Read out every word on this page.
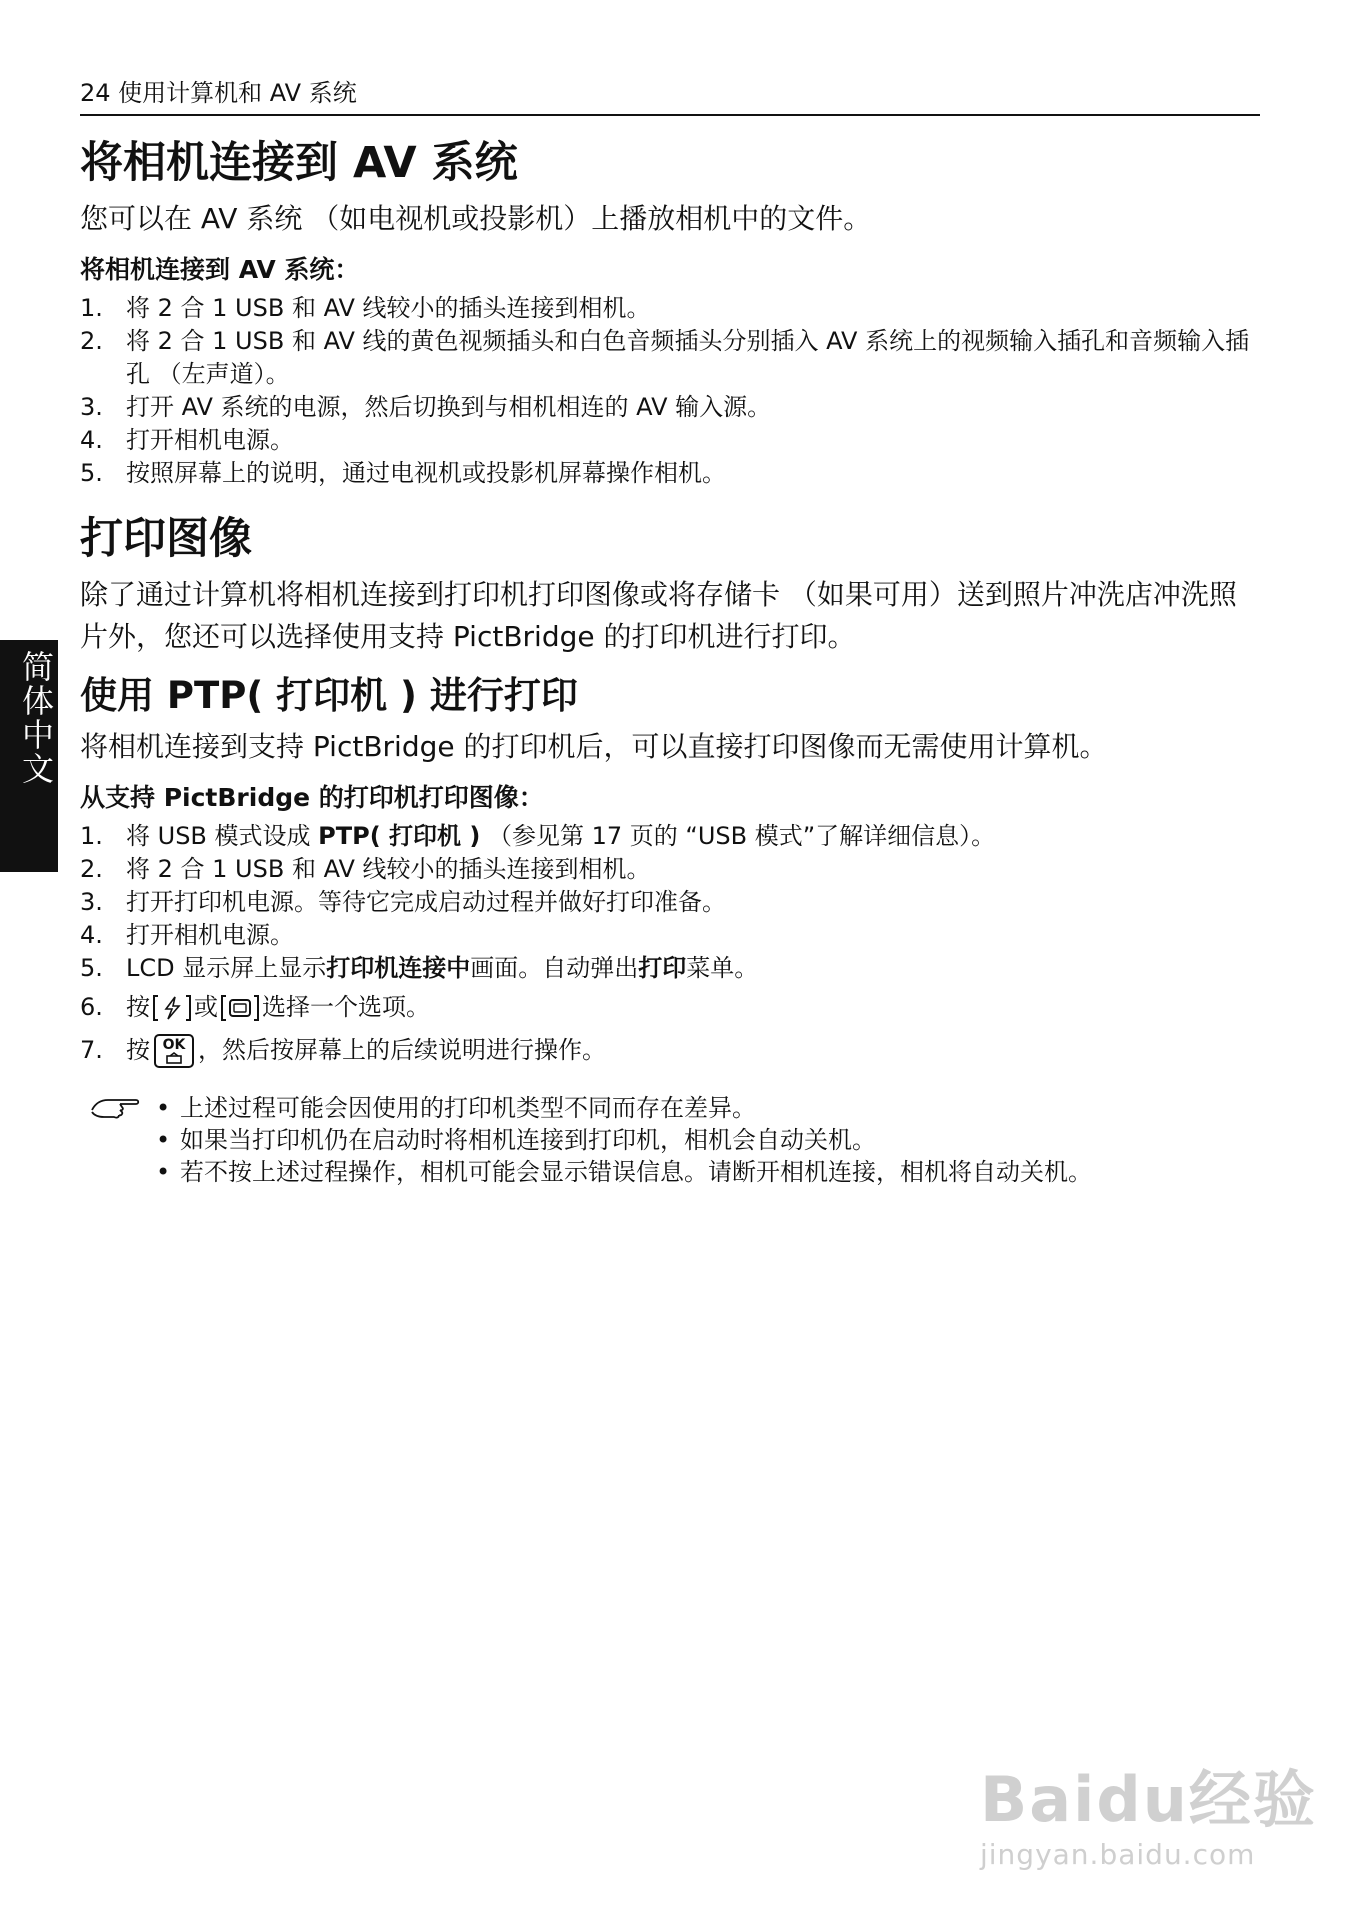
24 使用计算机和 AV 系统
简体中文
将相机连接到 AV 系统

您可以在 AV 系统 （如电视机或投影机）上播放相机中的文件。

将相机连接到 AV 系统：
1. 将 2 合 1 USB 和 AV 线较小的插头连接到相机。
2. 将 2 合 1 USB 和 AV 线的黄色视频插头和白色音频插头分别插入 AV 系统上的视频输入插孔和音频输入插孔 （左声道）。
3. 打开 AV 系统的电源，然后切换到与相机相连的 AV 输入源。
4. 打开相机电源。
5. 按照屏幕上的说明，通过电视机或投影机屏幕操作相机。
打印图像

除了通过计算机将相机连接到打印机打印图像或将存储卡 （如果可用）送到照片冲洗店冲洗照片外，您还可以选择使用支持 PictBridge 的打印机进行打印。

使用 PTP( 打印机 ) 进行打印

将相机连接到支持 PictBridge 的打印机后，可以直接打印图像而无需使用计算机。

从支持 PictBridge 的打印机打印图像：
1. 将 USB 模式设成 PTP( 打印机 ) （参见第 17 页的 “USB 模式”了解详细信息）。
2. 将 2 合 1 USB 和 AV 线较小的插头连接到相机。
3. 打开打印机电源。等待它完成启动过程并做好打印准备。
4. 打开相机电源。
5. LCD 显示屏上显示打印机连接中画面。自动弹出打印菜单。
6. 按 或 选择一个选项。
7. 按 OK ，然后按屏幕上的后续说明进行操作。
• 上述过程可能会因使用的打印机类型不同而存在差异。
• 如果当打印机仍在启动时将相机连接到打印机，相机会自动关机。
• 若不按上述过程操作，相机可能会显示错误信息。请断开相机连接，相机将自动关机。
Baidu经验
jingyan.baidu.com
